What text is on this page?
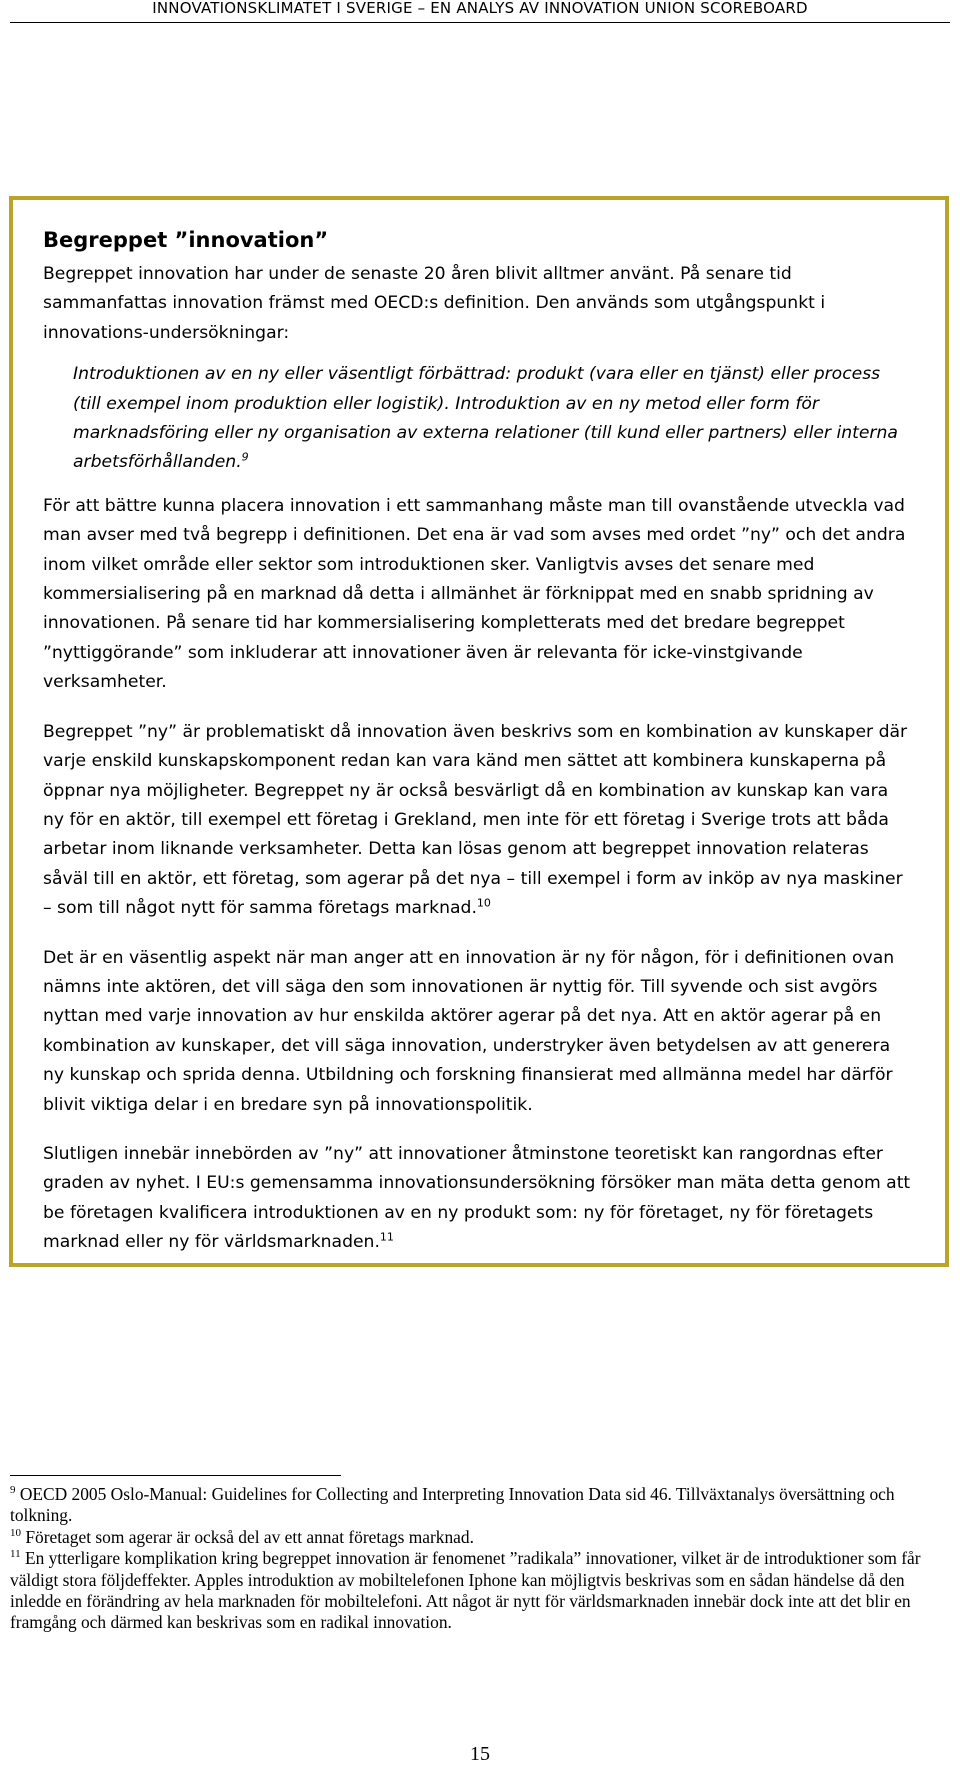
INNOVATIONSKLIMATET I SVERIGE – EN ANALYS AV INNOVATION UNION SCOREBOARD
Begreppet ”innovation”

Begreppet innovation har under de senaste 20 åren blivit alltmer använt. På senare tid sammanfattas innovation främst med OECD:s definition. Den används som utgångspunkt i innovations-undersökningar:

Introduktionen av en ny eller väsentligt förbättrad: produkt (vara eller en tjänst) eller process (till exempel inom produktion eller logistik). Introduktion av en ny metod eller form för marknadsföring eller ny organisation av externa relationer (till kund eller partners) eller interna arbetsförhållanden.$^9$

För att bättre kunna placera innovation i ett sammanhang måste man till ovanstående utveckla vad man avser med två begrepp i definitionen. Det ena är vad som avses med ordet ”ny” och det andra inom vilket område eller sektor som introduktionen sker. Vanligtvis avses det senare med kommersialisering på en marknad då detta i allmänhet är förknippat med en snabb spridning av innovationen. På senare tid har kommersialisering kompletterats med det bredare begreppet ”nyttiggörande” som inkluderar att innovationer även är relevanta för icke-vinstgivande verksamheter.

Begreppet ”ny” är problematiskt då innovation även beskrivs som en kombination av kunskaper där varje enskild kunskapskomponent redan kan vara känd men sättet att kombinera kunskaperna på öppnar nya möjligheter. Begreppet ny är också besvärligt då en kombination av kunskap kan vara ny för en aktör, till exempel ett företag i Grekland, men inte för ett företag i Sverige trots att båda arbetar inom liknande verksamheter. Detta kan lösas genom att begreppet innovation relateras såväl till en aktör, ett företag, som agerar på det nya – till exempel i form av inköp av nya maskiner – som till något nytt för samma företags marknad.$^{10}$

Det är en väsentlig aspekt när man anger att en innovation är ny för någon, för i definitionen ovan nämns inte aktören, det vill säga den som innovationen är nyttig för. Till syvende och sist avgörs nyttan med varje innovation av hur enskilda aktörer agerar på det nya. Att en aktör agerar på en kombination av kunskaper, det vill säga innovation, understryker även betydelsen av att generera ny kunskap och sprida denna. Utbildning och forskning finansierat med allmänna medel har därför blivit viktiga delar i en bredare syn på innovationspolitik.

Slutligen innebär innebörden av ”ny” att innovationer åtminstone teoretiskt kan rangordnas efter graden av nyhet. I EU:s gemensamma innovationsundersökning försöker man mäta detta genom att be företagen kvalificera introduktionen av en ny produkt som: ny för företaget, ny för företagets marknad eller ny för världsmarknaden.$^{11}$

$^9$ OECD 2005 Oslo-Manual: Guidelines for Collecting and Interpreting Innovation Data sid 46. Tillväxtanalys översättning och tolkning.

$^{10}$ Företaget som agerar är också del av ett annat företags marknad.

$^{11}$ En ytterligare komplikation kring begreppet innovation är fenomenet ”radikala” innovationer, vilket är de introduktioner som får väldigt stora följdeffekter. Apples introduktion av mobiltelefonen Iphone kan möjligtvis beskrivas som en sådan händelse då den inledde en förändring av hela marknaden för mobiltelefoni. Att något är nytt för världsmarknaden innebär dock inte att det blir en framgång och därmed kan beskrivas som en radikal innovation.

15
